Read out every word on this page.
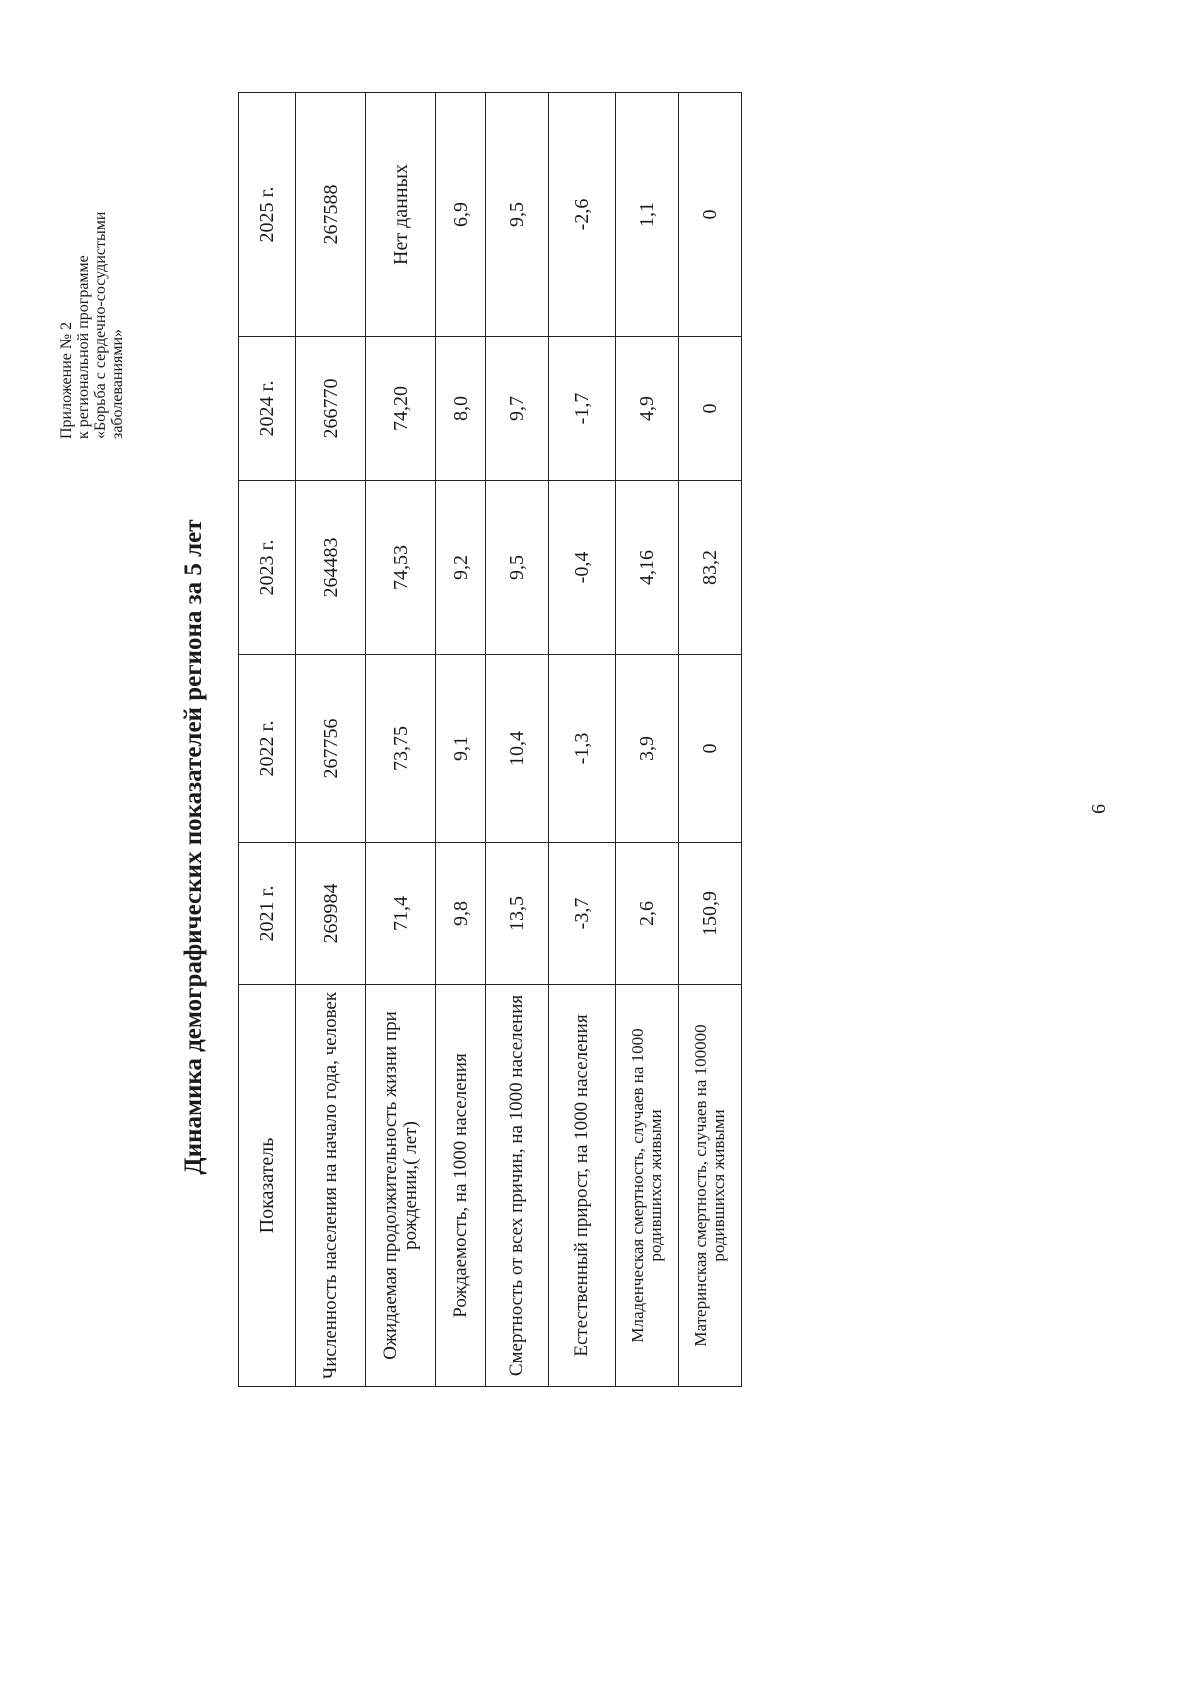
Приложение № 2 к региональной программе «Борьба с сердечно-сосудистыми заболеваниями»
Динамика демографических показателей региона за 5 лет
Показатель	2021 г.	2022 г.	2023 г.	2024 г.	2025 г.
Численность населения на начало года, человек	269984	267756	264483	266770	267588
Ожидаемая продолжительность жизни при рождении,( лет)	71,4	73,75	74,53	74,20	Нет данных
Рождаемость, на 1000 населения	9,8	9,1	9,2	8,0	6,9
Смертность от всех причин, на 1000 населения	13,5	10,4	9,5	9,7	9,5
Естественный прирост, на 1000 населения	-3,7	-1,3	-0,4	-1,7	-2,6
Младенческая смертность, случаев на 1000 родившихся живыми	2,6	3,9	4,16	4,9	1,1
Материнская смертность, случаев на 100000 родившихся живыми	150,9	0	83,2	0	0
6
